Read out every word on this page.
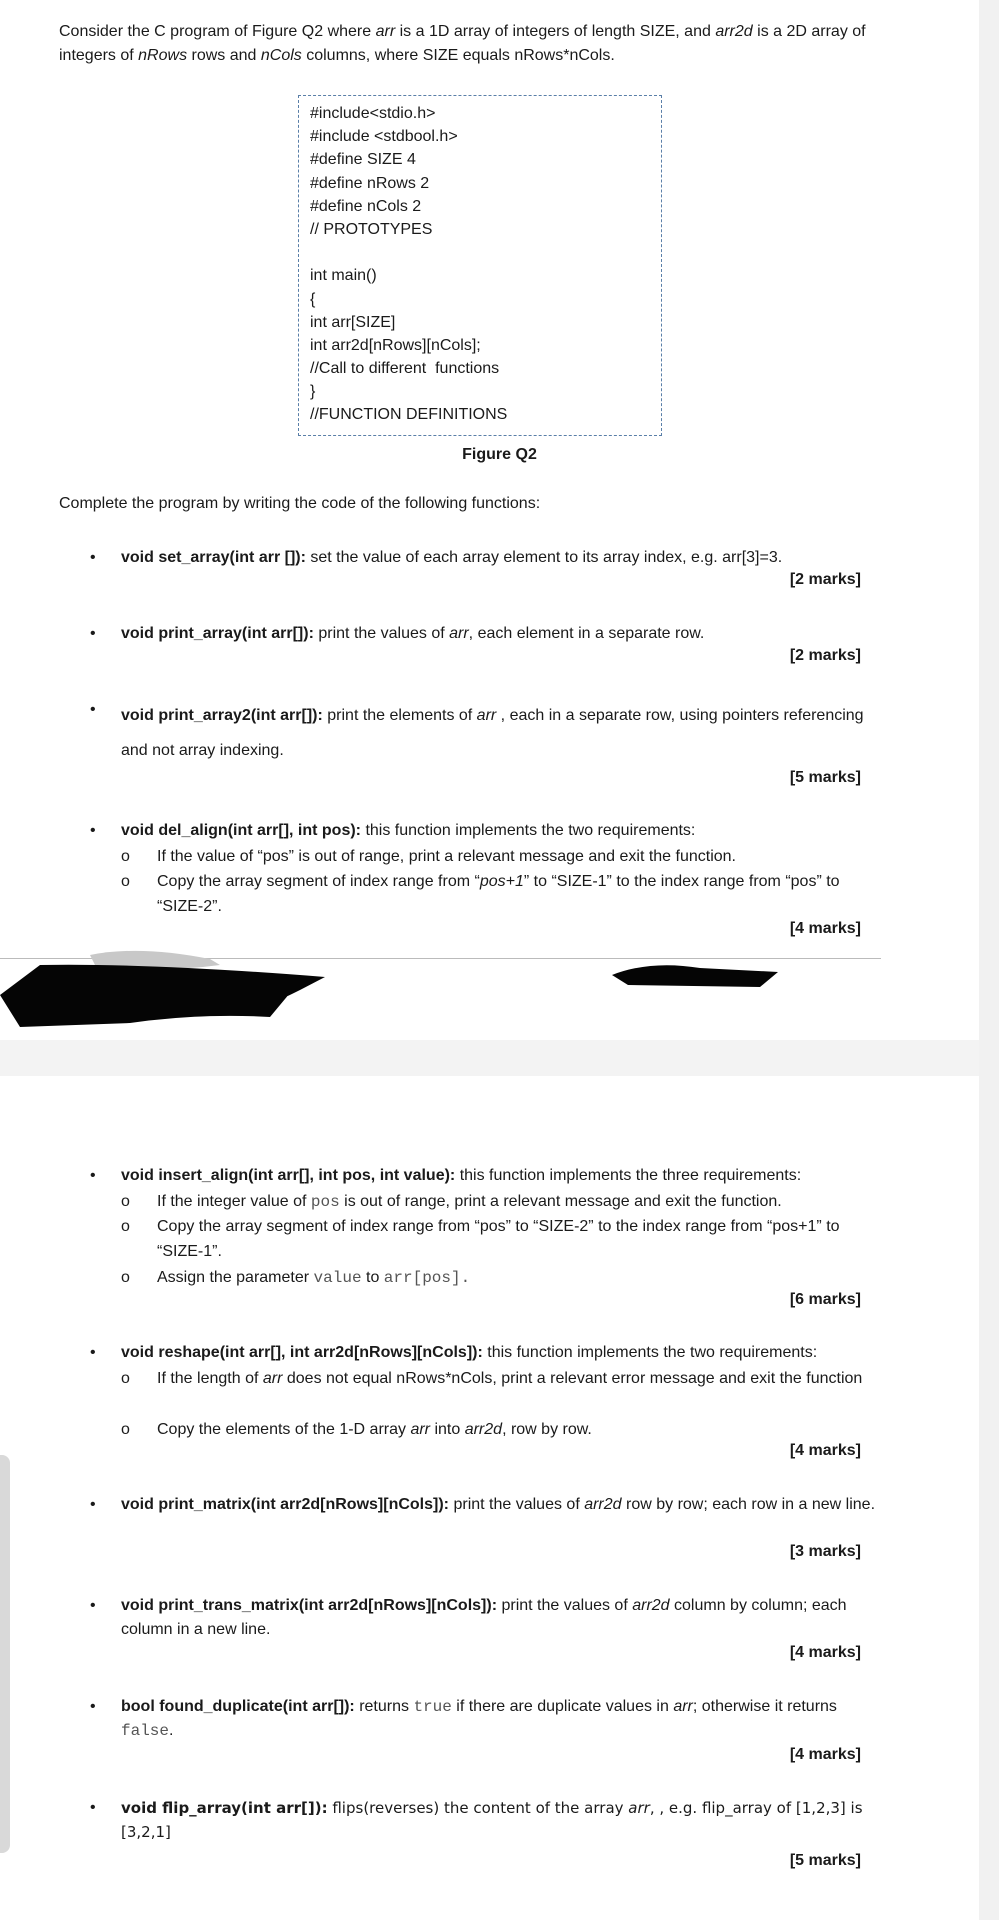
Consider the C program of Figure Q2 where arr is a 1D array of integers of length SIZE, and arr2d is a 2D array of integers of nRows rows and nCols columns, where SIZE equals nRows*nCols.
#include<stdio.h>
#include <stdbool.h>
#define SIZE 4
#define nRows 2
#define nCols 2
// PROTOTYPES
int main()
{
int arr[SIZE]
int arr2d[nRows][nCols];
//Call to different  functions
}
//FUNCTION DEFINITIONS
Figure Q2
Complete the program by writing the code of the following functions:
• void set_array(int arr []): set the value of each array element to its array index, e.g. arr[3]=3.
[2 marks]
• void print_array(int arr[]): print the values of arr, each element in a separate row.
[2 marks]
• void print_array2(int arr[]): print the elements of arr , each in a separate row, using pointers referencing and not array indexing.
[5 marks]
• void del_align(int arr[], int pos): this function implements the two requirements:
o If the value of “pos” is out of range, print a relevant message and exit the function.
o Copy the array segment of index range from “pos+1” to “SIZE-1” to the index range from “pos” to “SIZE-2”.
[4 marks]
• void insert_align(int arr[], int pos, int value): this function implements the three requirements:
o If the integer value of pos is out of range, print a relevant message and exit the function.
o Copy the array segment of index range from “pos” to “SIZE-2” to the index range from “pos+1” to “SIZE-1”.
o Assign the parameter value to arr[pos].
[6 marks]
• void reshape(int arr[], int arr2d[nRows][nCols]): this function implements the two requirements:
o If the length of arr does not equal nRows*nCols, print a relevant error message and exit the function
o Copy the elements of the 1-D array arr into arr2d, row by row.
[4 marks]
• void print_matrix(int arr2d[nRows][nCols]): print the values of arr2d row by row; each row in a new line.
[3 marks]
• void print_trans_matrix(int arr2d[nRows][nCols]): print the values of arr2d column by column; each column in a new line.
[4 marks]
• bool found_duplicate(int arr[]): returns true if there are duplicate values in arr; otherwise it returns false.
[4 marks]
• void flip_array(int arr[]): flips(reverses) the content of the array arr, , e.g. flip_array of [1,2,3] is [3,2,1]
[5 marks]
